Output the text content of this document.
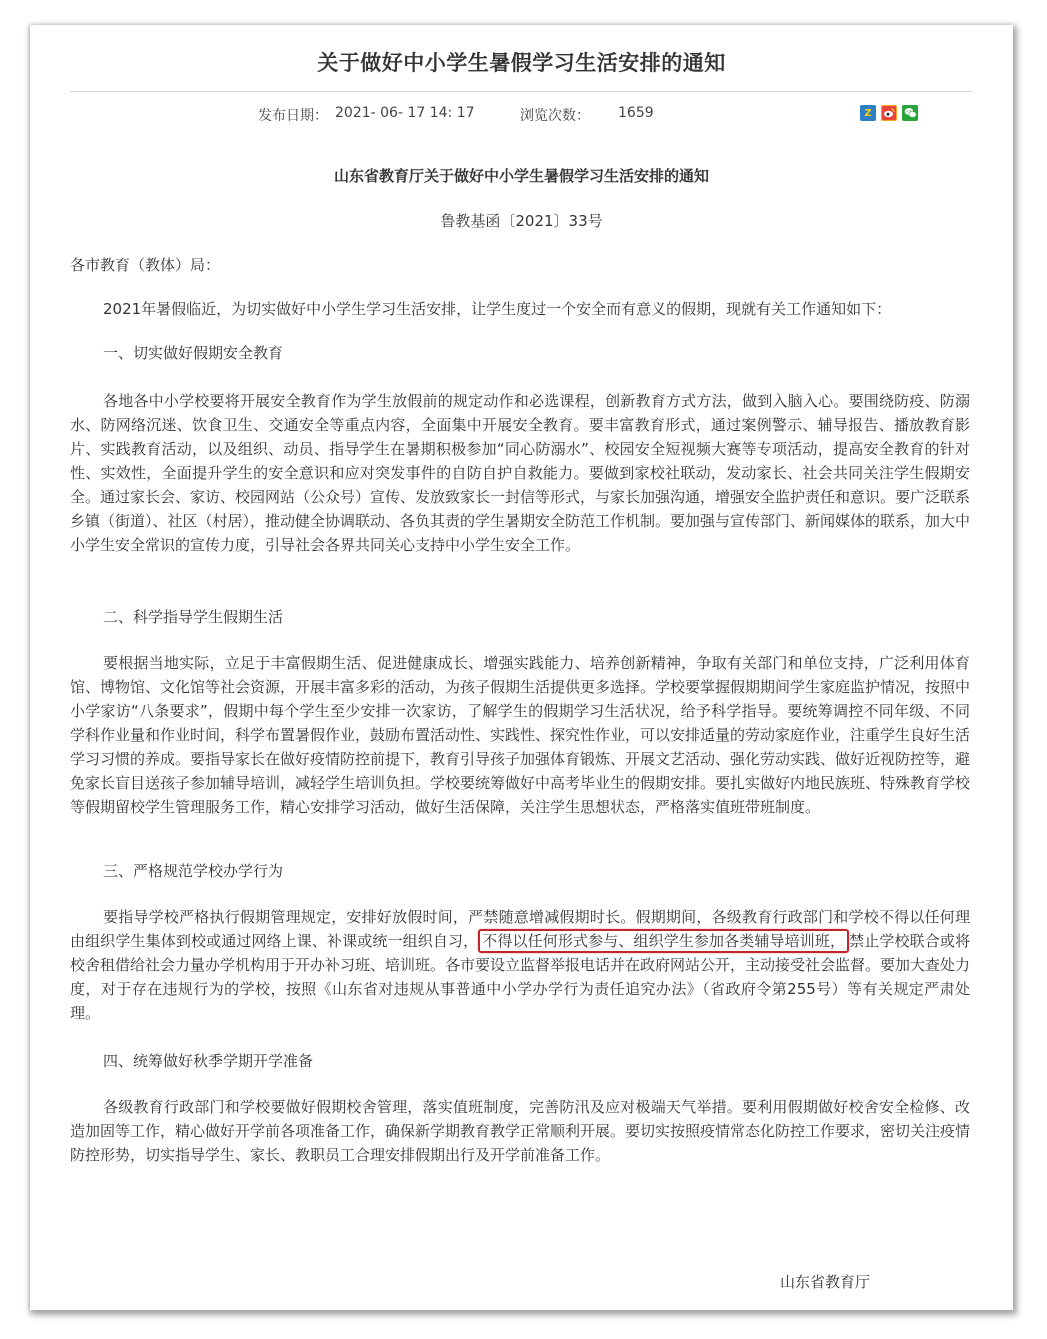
关于做好中小学生暑假学习生活安排的通知
发布日期： 2021- 06- 17 14: 17	浏览次数： 1659	Z
山东省教育厅关于做好中小学生暑假学习生活安排的通知
鲁教基函〔2021〕33号
各市教育（教体）局：
2021年暑假临近，为切实做好中小学生学习生活安排，让学生度过一个安全而有意义的假期，现就有关工作通知如下：
一、切实做好假期安全教育
各地各中小学校要将开展安全教育作为学生放假前的规定动作和必选课程，创新教育方式方法，做到入脑入心。要围绕防疫、防溺水、防网络沉迷、饮食卫生、交通安全等重点内容，全面集中开展安全教育。要丰富教育形式，通过案例警示、辅导报告、播放教育影片、实践教育活动，以及组织、动员、指导学生在暑期积极参加“同心防溺水”、校园安全短视频大赛等专项活动，提高安全教育的针对性、实效性，全面提升学生的安全意识和应对突发事件的自防自护自救能力。要做到家校社联动，发动家长、社会共同关注学生假期安全。通过家长会、家访、校园网站（公众号）宣传、发放致家长一封信等形式，与家长加强沟通，增强安全监护责任和意识。要广泛联系乡镇（街道）、社区（村居），推动健全协调联动、各负其责的学生暑期安全防范工作机制。要加强与宣传部门、新闻媒体的联系，加大中小学生安全常识的宣传力度，引导社会各界共同关心支持中小学生安全工作。
二、科学指导学生假期生活
要根据当地实际，立足于丰富假期生活、促进健康成长、增强实践能力、培养创新精神，争取有关部门和单位支持，广泛利用体育馆、博物馆、文化馆等社会资源，开展丰富多彩的活动，为孩子假期生活提供更多选择。学校要掌握假期期间学生家庭监护情况，按照中小学家访“八条要求”，假期中每个学生至少安排一次家访，了解学生的假期学习生活状况，给予科学指导。要统筹调控不同年级、不同学科作业量和作业时间，科学布置暑假作业，鼓励布置活动性、实践性、探究性作业，可以安排适量的劳动家庭作业，注重学生良好生活学习习惯的养成。要指导家长在做好疫情防控前提下，教育引导孩子加强体育锻炼、开展文艺活动、强化劳动实践、做好近视防控等，避免家长盲目送孩子参加辅导培训，减轻学生培训负担。学校要统筹做好中高考毕业生的假期安排。要扎实做好内地民族班、特殊教育学校等假期留校学生管理服务工作，精心安排学习活动，做好生活保障，关注学生思想状态，严格落实值班带班制度。
三、严格规范学校办学行为
要指导学校严格执行假期管理规定，安排好放假时间，严禁随意增减假期时长。假期期间，各级教育行政部门和学校不得以任何理由组织学生集体到校或通过网络上课、补课或统一组织自习， 不得以任何形式参与、组织学生参加各类辅导培训班， 禁止学校联合或将校舍租借给社会力量办学机构用于开办补习班、培训班。各市要设立监督举报电话并在政府网站公开，主动接受社会监督。要加大查处力度，对于存在违规行为的学校，按照《山东省对违规从事普通中小学办学行为责任追究办法》（省政府令第255号）等有关规定严肃处理。
四、统筹做好秋季学期开学准备
各级教育行政部门和学校要做好假期校舍管理，落实值班制度，完善防汛及应对极端天气举措。要利用假期做好校舍安全检修、改造加固等工作，精心做好开学前各项准备工作，确保新学期教育教学正常顺利开展。要切实按照疫情常态化防控工作要求，密切关注疫情防控形势，切实指导学生、家长、教职员工合理安排假期出行及开学前准备工作。
山东省教育厅
